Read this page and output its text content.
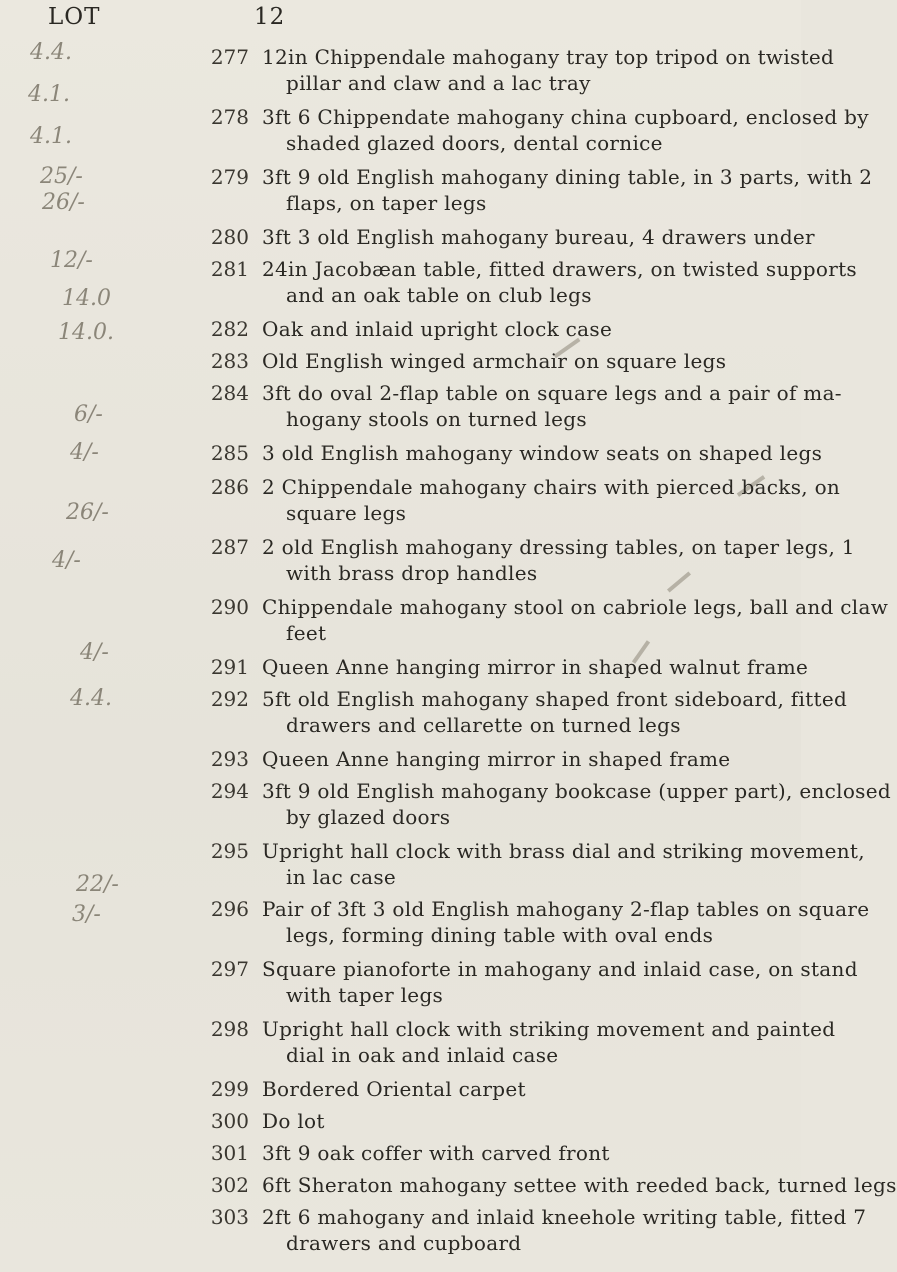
LOT	12
277 12in Chippendale mahogany tray top tripod on twisted
pillar and claw and a lac tray
278 3ft 6 Chippendate mahogany china cupboard, enclosed by
shaded glazed doors, dental cornice
279 3ft 9 old English mahogany dining table, in 3 parts, with 2
flaps, on taper legs
280 3ft 3 old English mahogany bureau, 4 drawers under
281 24in Jacobæan table, fitted drawers, on twisted supports
and an oak table on club legs
282 Oak and inlaid upright clock case
283 Old English winged armchair on square legs
284 3ft do oval 2-flap table on square legs and a pair of ma-
hogany stools on turned legs
285 3 old English mahogany window seats on shaped legs
286 2 Chippendale mahogany chairs with pierced backs, on
square legs
287 2 old English mahogany dressing tables, on taper legs, 1
with brass drop handles
290 Chippendale mahogany stool on cabriole legs, ball and claw
feet
291 Queen Anne hanging mirror in shaped walnut frame
292 5ft old English mahogany shaped front sideboard, fitted
drawers and cellarette on turned legs
293 Queen Anne hanging mirror in shaped frame
294 3ft 9 old English mahogany bookcase (upper part), enclosed
by glazed doors
295 Upright hall clock with brass dial and striking movement,
in lac case
296 Pair of 3ft 3 old English mahogany 2-flap tables on square
legs, forming dining table with oval ends
297 Square pianoforte in mahogany and inlaid case, on stand
with taper legs
298 Upright hall clock with striking movement and painted
dial in oak and inlaid case
299 Bordered Oriental carpet
300 Do lot
301 3ft 9 oak coffer with carved front
302 6ft Sheraton mahogany settee with reeded back, turned legs
303 2ft 6 mahogany and inlaid kneehole writing table, fitted 7
drawers and cupboard
4.4.
4.1.
4.1.
25/-
26/-
12/-
14.0
14.0.
6/-
4/-
26/-
4/-
4/-
4.4.
22/-
3/-
